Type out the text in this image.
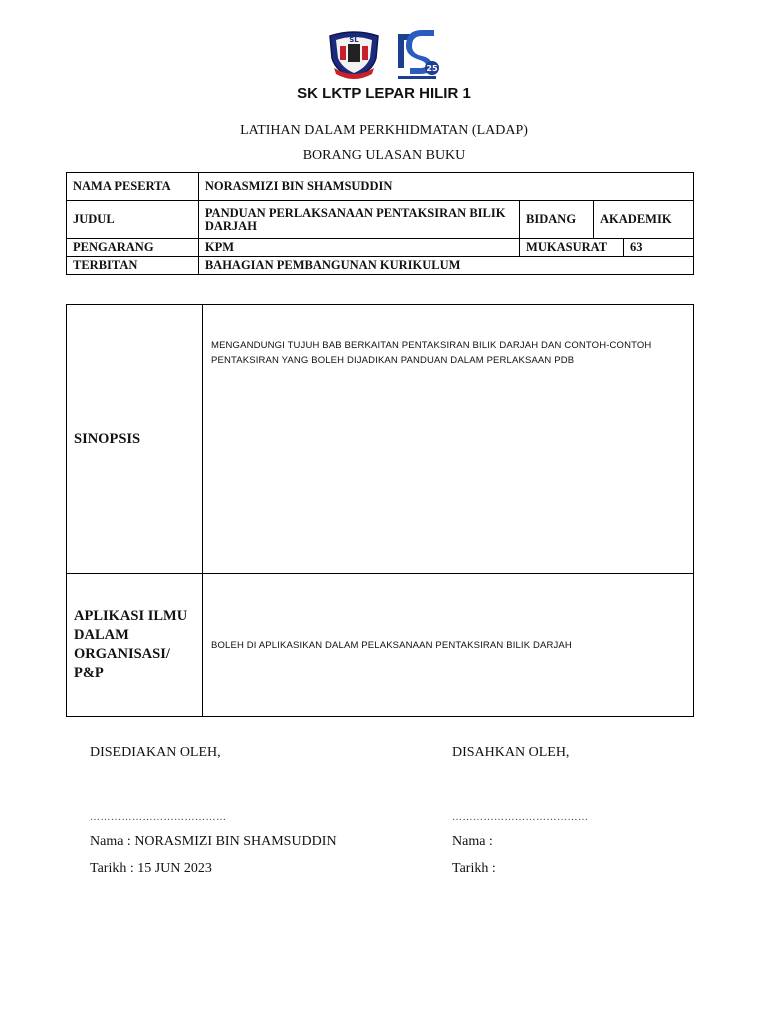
SL
25
SK LKTP LEPAR HILIR 1
LATIHAN DALAM PERKHIDMATAN (LADAP)
BORANG ULASAN BUKU
NAMA PESERTA	NORASMIZI BIN SHAMSUDDIN			
JUDUL	PANDUAN PERLAKSANAAN PENTAKSIRAN BILIK DARJAH	BIDANG	AKADEMIK	
PENGARANG	KPM	MUKASURAT		63
TERBITAN	BAHAGIAN PEMBANGUNAN KURIKULUM			
SINOPSIS	MENGANDUNGI TUJUH BAB BERKAITAN PENTAKSIRAN BILIK DARJAH DAN CONTOH-CONTOH PENTAKSIRAN YANG BOLEH DIJADIKAN PANDUAN DALAM PERLAKSAAN PDB
APLIKASI ILMU DALAM ORGANISASI/ P&P	BOLEH DI APLIKASIKAN DALAM PELAKSANAAN PENTAKSIRAN BILIK DARJAH
DISEDIAKAN OLEH,	DISAHKAN OLEH,
…………………………………	…………………………………
Nama : NORASMIZI BIN SHAMSUDDIN
Tarikh : 15 JUN 2023
Nama :
Tarikh :
